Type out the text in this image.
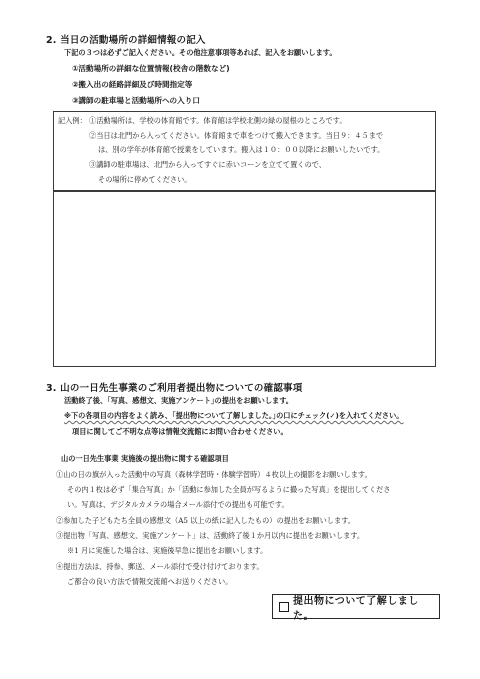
2. 当日の活動場所の詳細情報の記入
下記の３つは必ずご記入ください。その他注意事項等あれば、記入をお願いします。
①活動場所の詳細な位置情報(校舎の階数など)
②搬入出の経路詳細及び時間指定等
③講師の駐車場と活動場所への入り口
記入例： ①活動場所は、学校の体育館です。体育館は学校北側の緑の屋根のところです。
②当日は北門から入ってください。体育館まで車をつけて搬入できます。当日９：４５まで
は、別の学年が体育館で授業をしています。搬入は１０：００以降にお願いしたいです。
③講師の駐車場は、北門から入ってすぐに赤いコーンを立てて置くので、
その場所に停めてください。
3. 山の一日先生事業のご利用者提出物についての確認事項
活動終了後、｢写真、感想文、実施アンケート｣の提出をお願いします。
※下の各項目の内容をよく読み、｢提出物について了解しました。｣の口にチェック(✓)を入れてください。
項目に関してご不明な点等は情報交流館にお問い合わせください。
山の一日先生事業 実施後の提出物に関する確認項目
①山の日の旗が入った活動中の写真（森林学習時・体験学習時）４枚以上の撮影をお願いします。
その内１枚は必ず「集合写真」か「活動に参加した全員が写るように撮った写真」を提出してくださ
い。写真は、デジタルカメラの場合メール添付での提出も可能です。
②参加した子どもたち全員の感想文（A5 以上の紙に記入したもの）の提出をお願いします。
③提出物「写真、感想文、実施アンケート」は、活動終了後１か月以内に提出をお願いします。
※1 月に実施した場合は、実施後早急に提出をお願いします。
④提出方法は、持参、郵送、メール添付で受け付けております。
ご都合の良い方法で情報交流館へお送りください。
提出物について了解しました。
